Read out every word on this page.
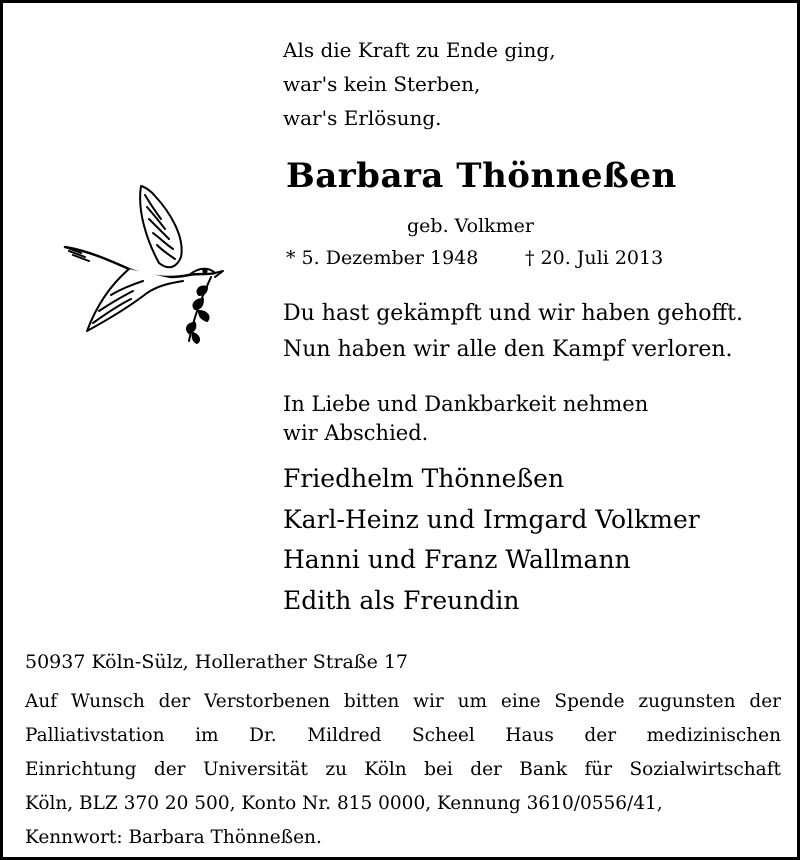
Als die Kraft zu Ende ging,
war's kein Sterben,
war's Erlösung.
Barbara Thönneßen
geb. Volkmer
* 5. Dezember 1948 † 20. Juli 2013
Du hast gekämpft und wir haben gehofft.
Nun haben wir alle den Kampf verloren.
In Liebe und Dankbarkeit nehmen
wir Abschied.
Friedhelm Thönneßen
Karl-Heinz und Irmgard Volkmer
Hanni und Franz Wallmann
Edith als Freundin
50937 Köln-Sülz, Hollerather Straße 17
Auf Wunsch der Verstorbenen bitten wir um eine Spende zugunsten der
Palliativstation im Dr. Mildred Scheel Haus der medizinischen
Einrichtung der Universität zu Köln bei der Bank für Sozialwirtschaft
Köln, BLZ 370 20 500, Konto Nr. 815 0000, Kennung 3610/0556/41,
Kennwort: Barbara Thönneßen.
